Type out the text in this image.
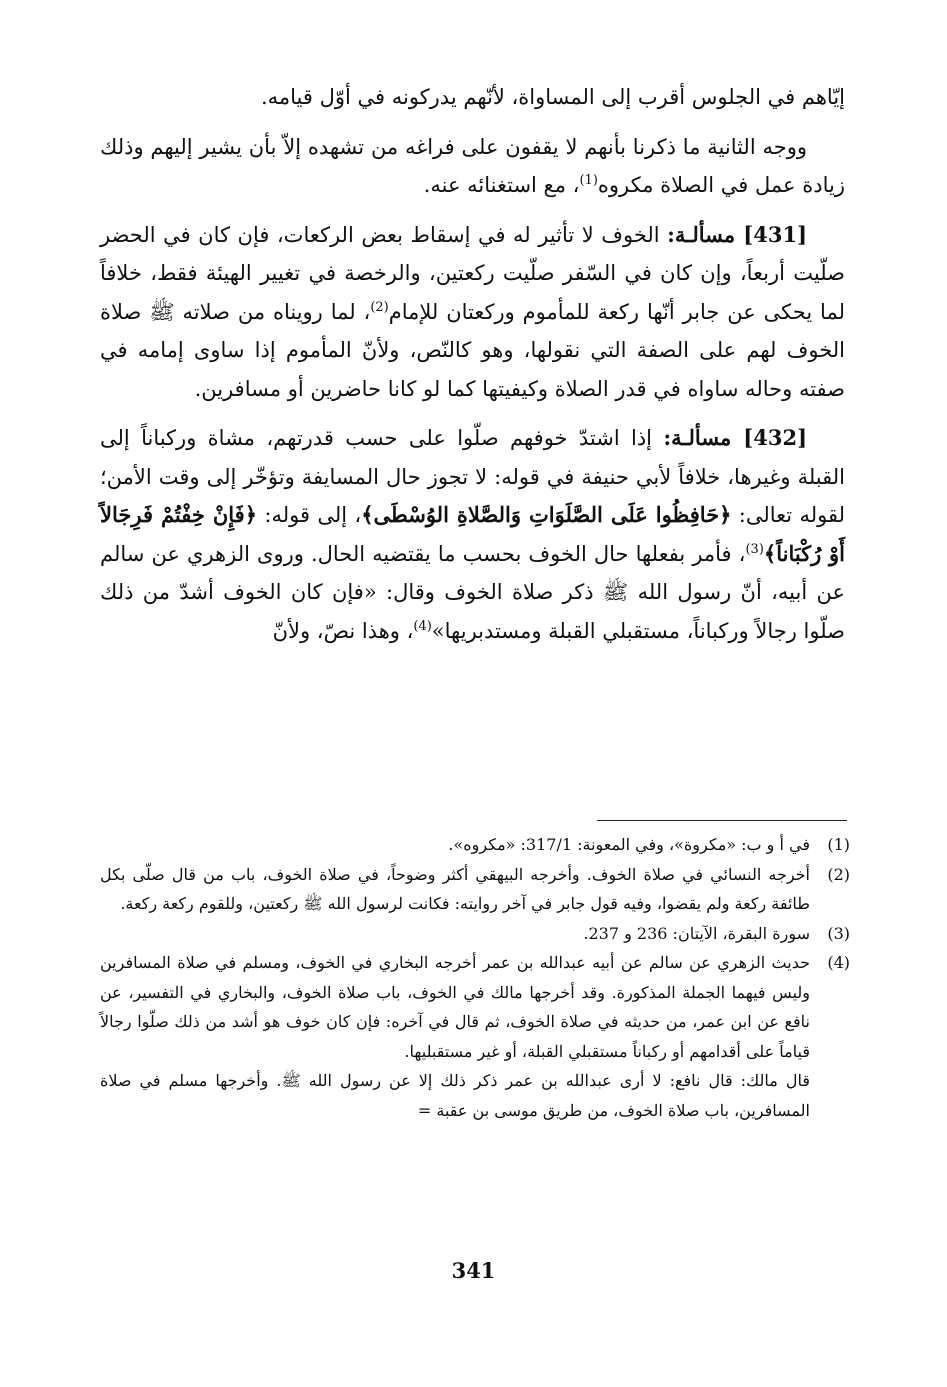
إيّاهم في الجلوس أقرب إلى المساواة، لأنّهم يدركونه في أوّل قيامه.

ووجه الثانية ما ذكرنا بأنهم لا يقفون على فراغه من تشهده إلاّ بأن يشير إليهم وذلك زيادة عمل في الصلاة مكروه$^{(1)}$، مع استغنائه عنه.

[431] مسألـة: الخوف لا تأثير له في إسقاط بعض الركعات، فإن كان في الحضر صلّيت أربعاً، وإن كان في السّفر صلّيت ركعتين، والرخصة في تغيير الهيئة فقط، خلافاً لما يحكى عن جابر أنّها ركعة للمأموم وركعتان للإمام$^{(2)}$، لما رويناه من صلاته ﷺ صلاة الخوف لهم على الصفة التي نقولها، وهو كالنّص، ولأنّ المأموم إذا ساوى إمامه في صفته وحاله ساواه في قدر الصلاة وكيفيتها كما لو كانا حاضرين أو مسافرين.

[432] مسألـة: إذا اشتدّ خوفهم صلّوا على حسب قدرتهم، مشاة وركباناً إلى القبلة وغيرها، خلافاً لأبي حنيفة في قوله: لا تجوز حال المسايفة وتؤخّر إلى وقت الأمن؛ لقوله تعالى: ﴿حَافِظُوا عَلَى الصَّلَوَاتِ وَالصَّلاةِ الوُسْطَى﴾، إلى قوله: ﴿فَإِنْ خِفْتُمْ فَرِجَالاً أَوْ رُكْبَاناً﴾$^{(3)}$، فأمر بفعلها حال الخوف بحسب ما يقتضيه الحال. وروى الزهري عن سالم عن أبيه، أنّ رسول الله ﷺ ذكر صلاة الخوف وقال: «فإن كان الخوف أشدّ من ذلك صلّوا رجالاً وركباناً، مستقبلي القبلة ومستدبريها»$^{(4)}$، وهذا نصّ، ولأنّ

(1)
في أ و ب: «مكروة»، وفي المعونة: 317/1: «مكروه».
(2)
أخرجه النسائي في صلاة الخوف. وأخرجه البيهقي أكثر وضوحاً، في صلاة الخوف، باب من قال صلّى بكل طائفة ركعة ولم يقضوا، وفيه قول جابر في آخر روايته: فكانت لرسول الله ﷺ ركعتين، وللقوم ركعة ركعة.
(3)
سورة البقرة، الآيتان: 236 و 237.
(4)
حديث الزهري عن سالم عن أبيه عبدالله بن عمر أخرجه البخاري في الخوف، ومسلم في صلاة المسافرين وليس فيهما الجملة المذكورة. وقد أخرجها مالك في الخوف، باب صلاة الخوف، والبخاري في التفسير، عن نافع عن ابن عمر، من حديثه في صلاة الخوف، ثم قال في آخره: فإن كان خوف هو أشد من ذلك صلّوا رجالاً قياماً على أقدامهم أو ركباناً مستقبلي القبلة، أو غير مستقبليها.
قال مالك: قال نافع: لا أرى عبدالله بن عمر ذكر ذلك إلا عن رسول الله ﷺ. وأخرجها مسلم في صلاة المسافرين، باب صلاة الخوف، من طريق موسى بن عقبة =
341
